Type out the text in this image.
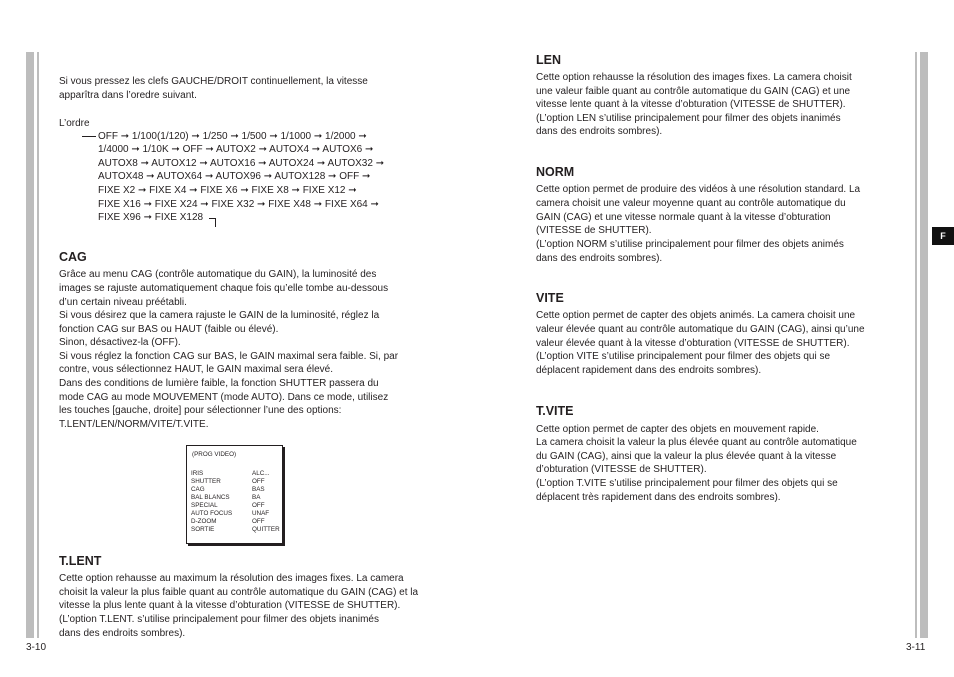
Si vous pressez les clefs GAUCHE/DROIT continuellement, la vitesse
apparîtra dans l’oredre suivant.
L’ordre
OFF ➞ 1/100(1/120) ➞ 1/250 ➞ 1/500 ➞ 1/1000 ➞ 1/2000 ➞
1/4000 ➞ 1/10K ➞ OFF ➞ AUTOX2 ➞ AUTOX4 ➞ AUTOX6 ➞
AUTOX8 ➞ AUTOX12 ➞ AUTOX16 ➞ AUTOX24 ➞ AUTOX32 ➞
AUTOX48 ➞ AUTOX64 ➞ AUTOX96 ➞ AUTOX128 ➞ OFF ➞
FIXE X2 ➞ FIXE X4 ➞ FIXE X6 ➞ FIXE X8 ➞ FIXE X12 ➞
FIXE X16 ➞ FIXE X24 ➞ FIXE X32 ➞ FIXE X48 ➞ FIXE X64 ➞
FIXE X96 ➞ FIXE X128
CAG
Grâce au menu CAG (contrôle automatique du GAIN), la luminosité des
images se rajuste automatiquement chaque fois qu’elle tombe au-dessous
d’un certain niveau préétabli.
Si vous désirez que la camera rajuste le GAIN de la luminosité, réglez la
fonction CAG sur BAS ou HAUT (faible ou élevé).
Sinon, désactivez-la (OFF).
Si vous réglez la fonction CAG sur BAS, le GAIN maximal sera faible. Si, par
contre, vous sélectionnez HAUT, le GAIN maximal sera élevé.
Dans des conditions de lumière faible, la fonction SHUTTER passera du
mode CAG au mode MOUVEMENT (mode AUTO). Dans ce mode, utilisez
les touches [gauche, droite] pour sélectionner l’une des options:
T.LENT/LEN/NORM/VITE/T.VITE.
(PROG VIDEO)
IRIS	ALC...
SHUTTER	OFF
CAG	BAS
BAL BLANCS	BA
SPECIAL	OFF
AUTO FOCUS	UNAF
D-ZOOM	OFF
SORTIE	QUITTER
T.LENT
Cette option rehausse au maximum la résolution des images fixes. La camera
choisit la valeur la plus faible quant au contrôle automatique du GAIN (CAG) et la
vitesse la plus lente quant à la vitesse d’obturation (VITESSE de SHUTTER).
(L’option T.LENT. s’utilise principalement pour filmer des objets inanimés
dans des endroits sombres).
3-10
LEN
Cette option rehausse la résolution des images fixes. La camera choisit
une valeur faible quant au contrôle automatique du GAIN (CAG) et une
vitesse lente quant à la vitesse d’obturation (VITESSE de SHUTTER).
(L’option LEN s’utilise principalement pour filmer des objets inanimés
dans des endroits sombres).
NORM
Cette option permet de produire des vidéos à une résolution standard. La
camera choisit une valeur moyenne quant au contrôle automatique du
GAIN (CAG) et une vitesse normale quant à la vitesse d’obturation
(VITESSE de SHUTTER).
(L’option NORM s’utilise principalement pour filmer des objets animés
dans des endroits sombres).
VITE
Cette option permet de capter des objets animés. La camera choisit une
valeur élevée quant au contrôle automatique du GAIN (CAG), ainsi qu’une
valeur élevée quant à la vitesse d’obturation (VITESSE de SHUTTER).
(L’option VITE s’utilise principalement pour filmer des objets qui se
déplacent rapidement dans des endroits sombres).
T.VITE
Cette option permet de capter des objets en mouvement rapide.
La camera choisit la valeur la plus élevée quant au contrôle automatique
du GAIN (CAG), ainsi que la valeur la plus élevée quant à la vitesse
d’obturation (VITESSE de SHUTTER).
(L’option T.VITE s’utilise principalement pour filmer des objets qui se
déplacent très rapidement dans des endroits sombres).
F
3-11
